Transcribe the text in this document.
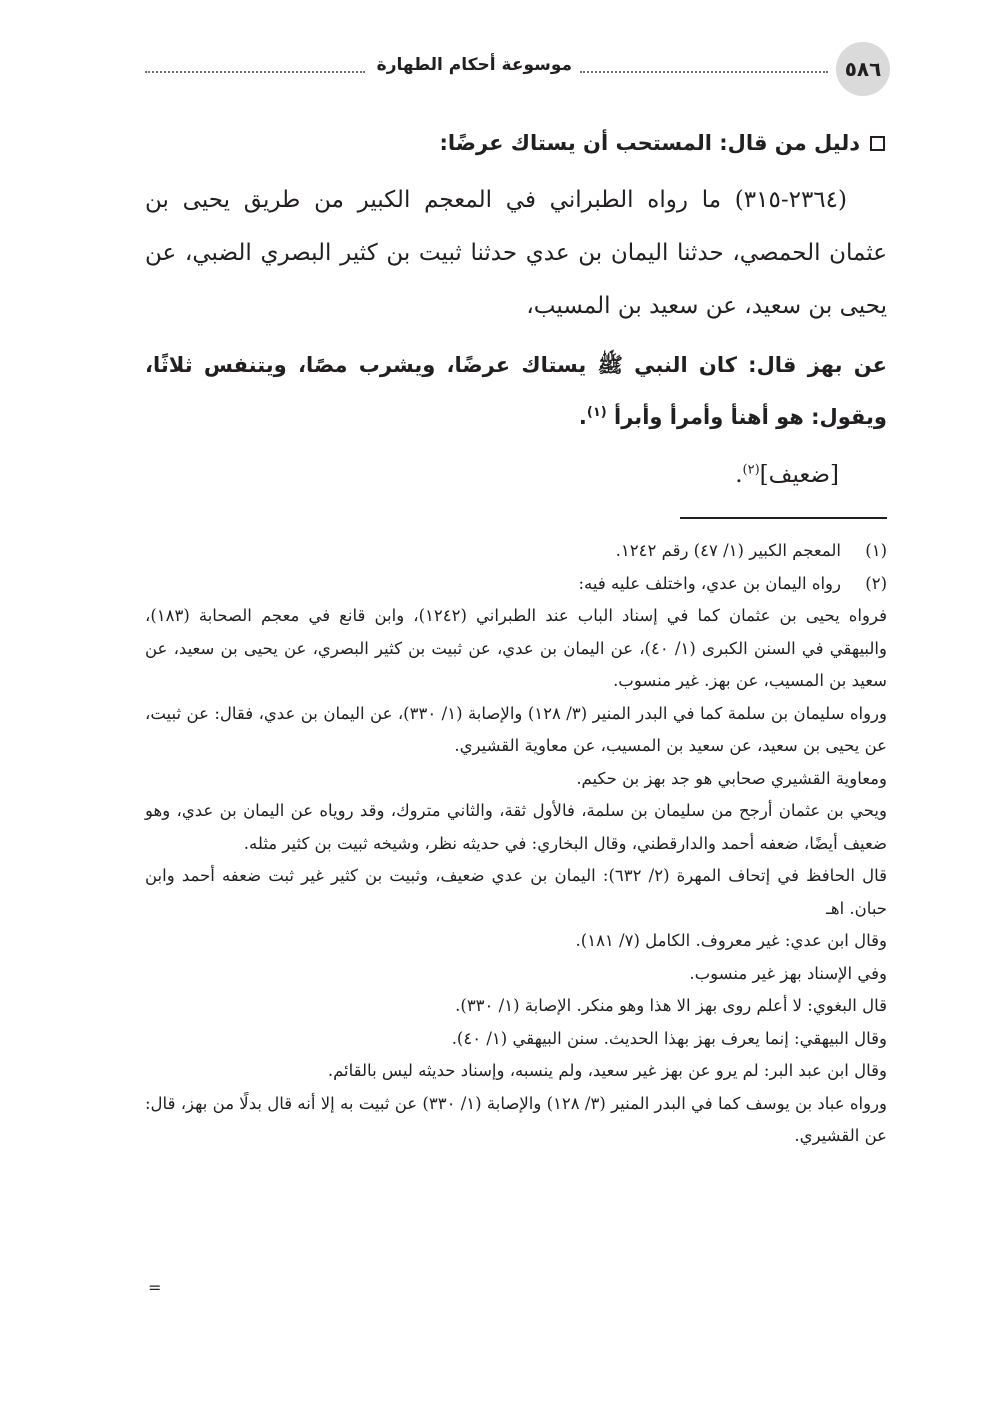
٥٨٦
موسوعة أحكام الطهارة

دليل من قال: المستحب أن يستاك عرضًا:

(٢٣٦٤-٣١٥) ما رواه الطبراني في المعجم الكبير من طريق يحيى بن عثمان الحمصي، حدثنا اليمان بن عدي حدثنا ثبيت بن كثير البصري الضبي، عن يحيى بن سعيد، عن سعيد بن المسيب،

عن بهز قال: كان النبي ﷺ يستاك عرضًا، ويشرب مصًا، ويتنفس ثلاثًا، ويقول: هو أهنأ وأمرأ وأبرأ $^{(١)}$.

[ضعيف]$^{(٢)}$.

(١)
المعجم الكبير (١/ ٤٧) رقم ١٢٤٢.
(٢)
رواه اليمان بن عدي، واختلف عليه فيه:

فرواه يحيى بن عثمان كما في إسناد الباب عند الطبراني (١٢٤٢)، وابن قانع في معجم الصحابة (١٨٣)، والبيهقي في السنن الكبرى (١/ ٤٠)، عن اليمان بن عدي، عن ثبيت بن كثير البصري، عن يحيى بن سعيد، عن سعيد بن المسيب، عن بهز. غير منسوب.

ورواه سليمان بن سلمة كما في البدر المنير (٣/ ١٢٨) والإصابة (١/ ٣٣٠)، عن اليمان بن عدي، فقال: عن ثبيت، عن يحيى بن سعيد، عن سعيد بن المسيب، عن معاوية القشيري.

ومعاوية القشيري صحابي هو جد بهز بن حكيم.

ويحي بن عثمان أرجح من سليمان بن سلمة، فالأول ثقة، والثاني متروك، وقد روياه عن اليمان بن عدي، وهو ضعيف أيضًا، ضعفه أحمد والدارقطني، وقال البخاري: في حديثه نظر، وشيخه ثبيت بن كثير مثله.

قال الحافظ في إتحاف المهرة (٢/ ٦٣٢): اليمان بن عدي ضعيف، وثبيت بن كثير غير ثبت ضعفه أحمد وابن حبان. اهـ

وقال ابن عدي: غير معروف. الكامل (٧/ ١٨١).

وفي الإسناد بهز غير منسوب.

قال البغوي: لا أعلم روى بهز الا هذا وهو منكر. الإصابة (١/ ٣٣٠).

وقال البيهقي: إنما يعرف بهز بهذا الحديث. سنن البيهقي (١/ ٤٠).

وقال ابن عبد البر: لم يرو عن بهز غير سعيد، ولم ينسبه، وإسناد حديثه ليس بالقائم.

ورواه عباد بن يوسف كما في البدر المنير (٣/ ١٢٨) والإصابة (١/ ٣٣٠) عن ثبيت به إلا أنه قال بدلًا من بهز، قال: عن القشيري.

=
